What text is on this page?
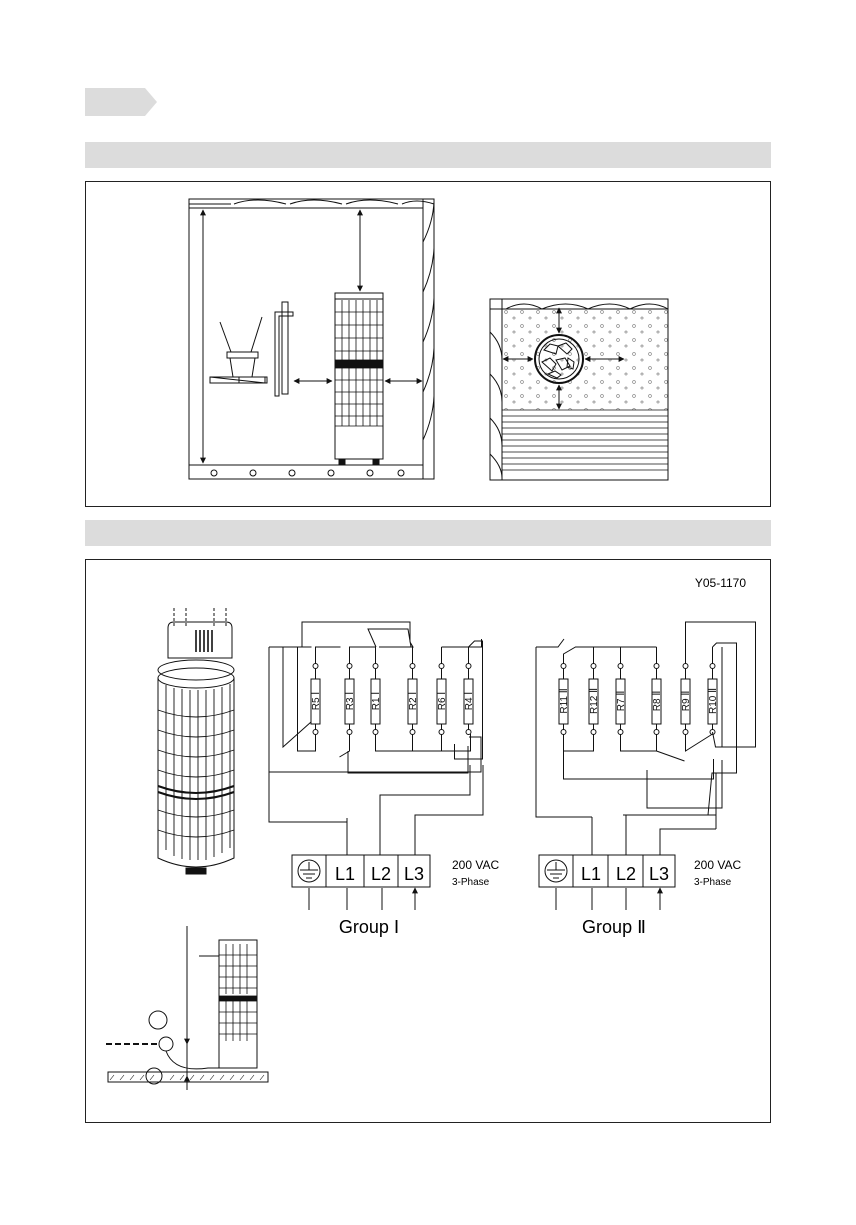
Y05-1170
R5 Ⅰ R3 Ⅰ R1 Ⅰ	R2 Ⅰ R6 Ⅰ R4 Ⅰ
L1 L2 L3 200 VAC
3-Phase
Group Ⅰ
R11 Ⅱ R12 Ⅱ R7 Ⅱ	R8 Ⅱ R9 Ⅱ R10 Ⅱ
L1 L2 L3 200 VAC
3-Phase
Group Ⅱ
